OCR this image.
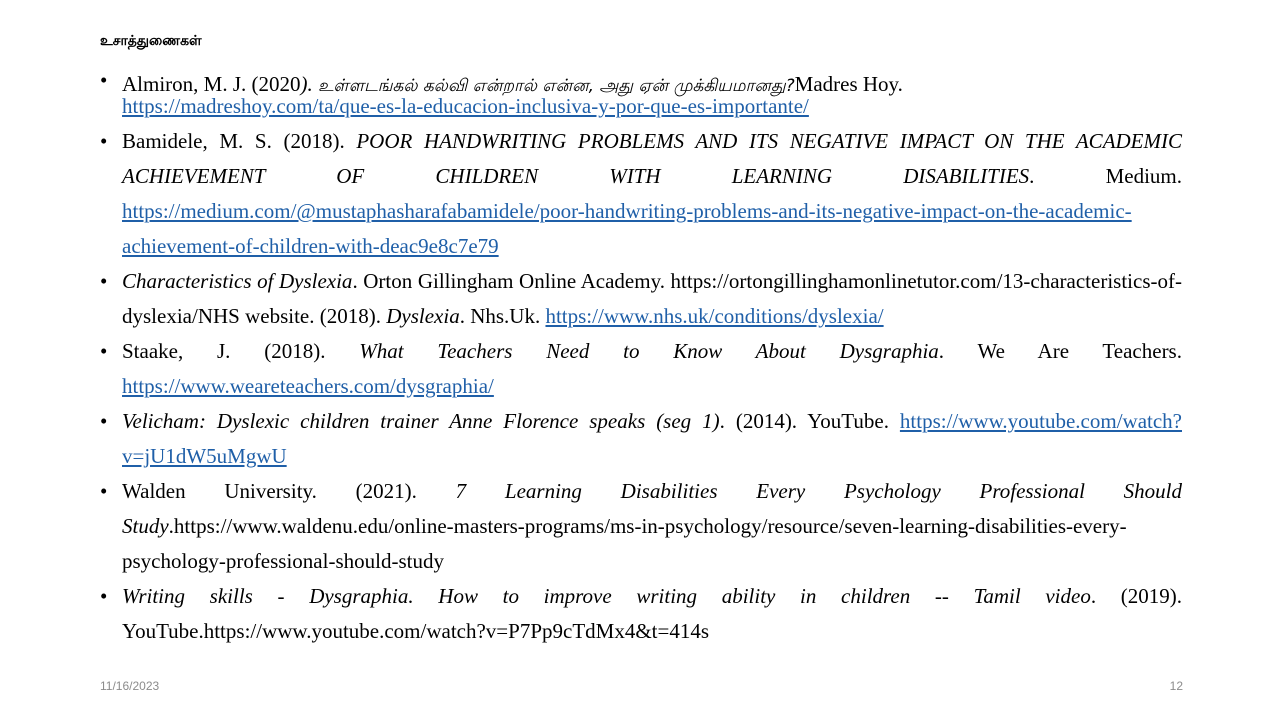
உசாத்துணைகள்
• Almiron, M. J. (2020). உள்ளடங்கல் கல்வி என்றால் என்ன, அது ஏன் முக்கியமானது?Madres Hoy.
https://madreshoy.com/ta/que-es-la-educacion-inclusiva-y-por-que-es-importante/
• Bamidele, M. S. (2018). POOR HANDWRITING PROBLEMS AND ITS NEGATIVE IMPACT ON THE ACADEMIC ACHIEVEMENT OF CHILDREN WITH LEARNING DISABILITIES. Medium. https://medium.com/@mustaphasharafabamidele/poor-handwriting-problems-and-its-negative-impact-on-the-academic-achievement-of-children-with-deac9e8c7e79
• Characteristics of Dyslexia. Orton Gillingham Online Academy. https://ortongillinghamonlinetutor.com/13-characteristics-of-dyslexia/NHS website. (2018). Dyslexia. Nhs.Uk. https://www.nhs.uk/conditions/dyslexia/
• Staake, J. (2018). What Teachers Need to Know About Dysgraphia. We Are Teachers. https://www.weareteachers.com/dysgraphia/
• Velicham: Dyslexic children trainer Anne Florence speaks (seg 1). (2014). YouTube. https://www.youtube.com/watch?v=jU1dW5uMgwU
• Walden University. (2021). 7 Learning Disabilities Every Psychology Professional Should Study.https://www.waldenu.edu/online-masters-programs/ms-in-psychology/resource/seven-learning-disabilities-every-psychology-professional-should-study
• Writing skills - Dysgraphia. How to improve writing ability in children -- Tamil video. (2019). YouTube.https://www.youtube.com/watch?v=P7Pp9cTdMx4&t=414s
11/16/2023	12
